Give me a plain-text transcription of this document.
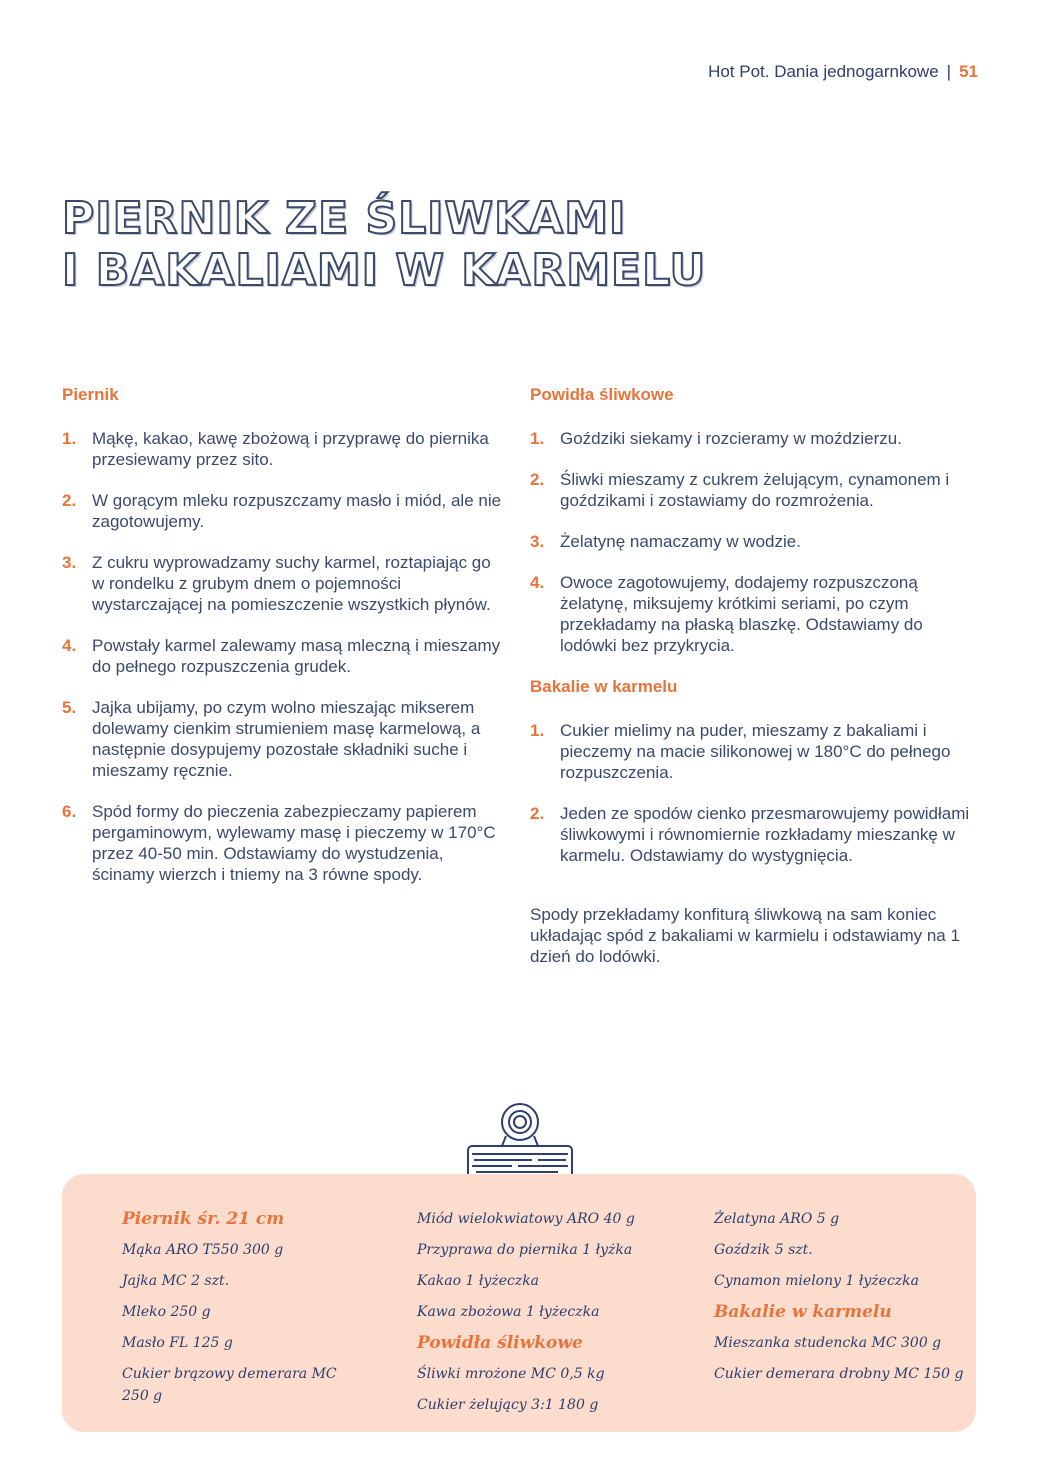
Hot Pot. Dania jednogarnkowe | 51
PIERNIK ZE ŚLIWKAMI
I BAKALIAMI W KARMELU
Piernik
1. Mąkę, kakao, kawę zbożową i przyprawę do piernika przesiewamy przez sito.
2. W gorącym mleku rozpuszczamy masło i miód, ale nie zagotowujemy.
3. Z cukru wyprowadzamy suchy karmel, roztapiając go w rondelku z grubym dnem o pojemności wystarczającej na pomieszczenie wszystkich płynów.
4. Powstały karmel zalewamy masą mleczną i mieszamy do pełnego rozpuszczenia grudek.
5. Jajka ubijamy, po czym wolno mieszając mikserem dolewamy cienkim strumieniem masę karmelową, a następnie dosypujemy pozostałe składniki suche i mieszamy ręcznie.
6. Spód formy do pieczenia zabezpieczamy papierem pergaminowym, wylewamy masę i pieczemy w 170°C przez 40-50 min. Odstawiamy do wystudzenia, ścinamy wierzch i tniemy na 3 równe spody.
Powidła śliwkowe
1. Goździki siekamy i rozcieramy w moździerzu.
2. Śliwki mieszamy z cukrem żelującym, cynamonem i goździkami i zostawiamy do rozmrożenia.
3. Żelatynę namaczamy w wodzie.
4. Owoce zagotowujemy, dodajemy rozpuszczoną żelatynę, miksujemy krótkimi seriami, po czym przekładamy na płaską blaszkę. Odstawiamy do lodówki bez przykrycia.
Bakalie w karmelu
1. Cukier mielimy na puder, mieszamy z bakaliami i pieczemy na macie silikonowej w 180°C do pełnego rozpuszczenia.
2. Jeden ze spodów cienko przesmarowujemy powidłami śliwkowymi i równomiernie rozkładamy mieszankę w karmelu. Odstawiamy do wystygnięcia.
Spody przekładamy konfiturą śliwkową na sam koniec układając spód z bakaliami w karmielu i odstawiamy na 1 dzień do lodówki.
Piernik śr. 21 cm
Mąka ARO T550 300 g
Jajka MC 2 szt.
Mleko 250 g
Masło FL 125 g
Cukier brązowy demerara MC 250 g
Miód wielokwiatowy ARO 40 g
Przyprawa do piernika 1 łyżka
Kakao 1 łyżeczka
Kawa zbożowa 1 łyżeczka
Powidła śliwkowe
Śliwki mrożone MC 0,5 kg
Cukier żelujący 3:1 180 g
Żelatyna ARO 5 g
Goździk 5 szt.
Cynamon mielony 1 łyżeczka
Bakalie w karmelu
Mieszanka studencka MC 300 g
Cukier demerara drobny MC 150 g
